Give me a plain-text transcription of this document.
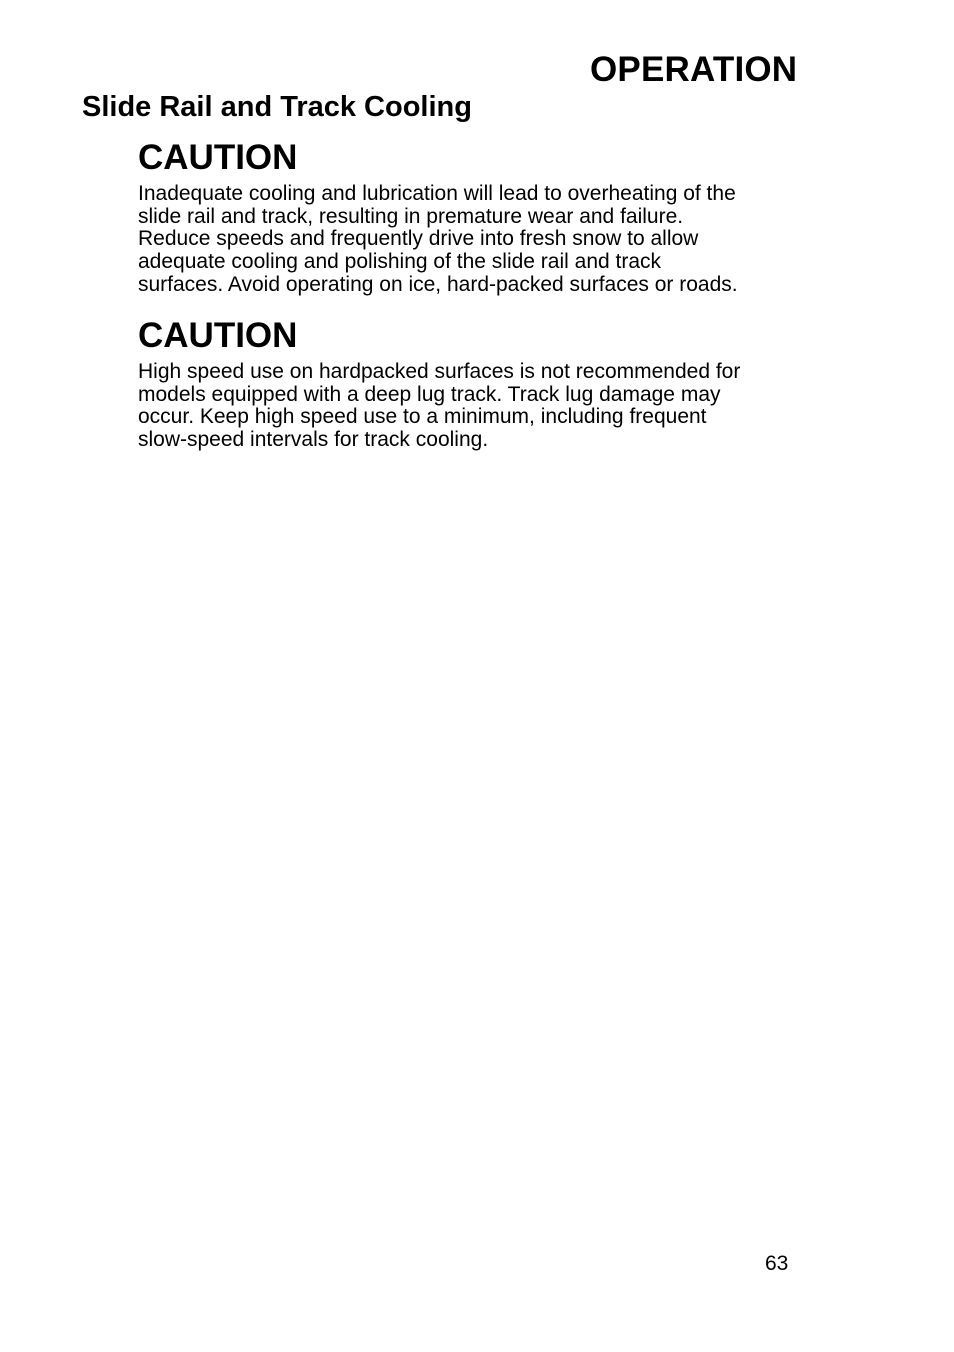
OPERATION
Slide Rail and Track Cooling
CAUTION

Inadequate cooling and lubrication will lead to overheating of the
slide rail and track, resulting in premature wear and failure.
Reduce speeds and frequently drive into fresh snow to allow
adequate cooling and polishing of the slide rail and track
surfaces. Avoid operating on ice, hard-packed surfaces or roads.

CAUTION

High speed use on hardpacked surfaces is not recommended for
models equipped with a deep lug track. Track lug damage may
occur. Keep high speed use to a minimum, including frequent
slow-speed intervals for track cooling.

63
